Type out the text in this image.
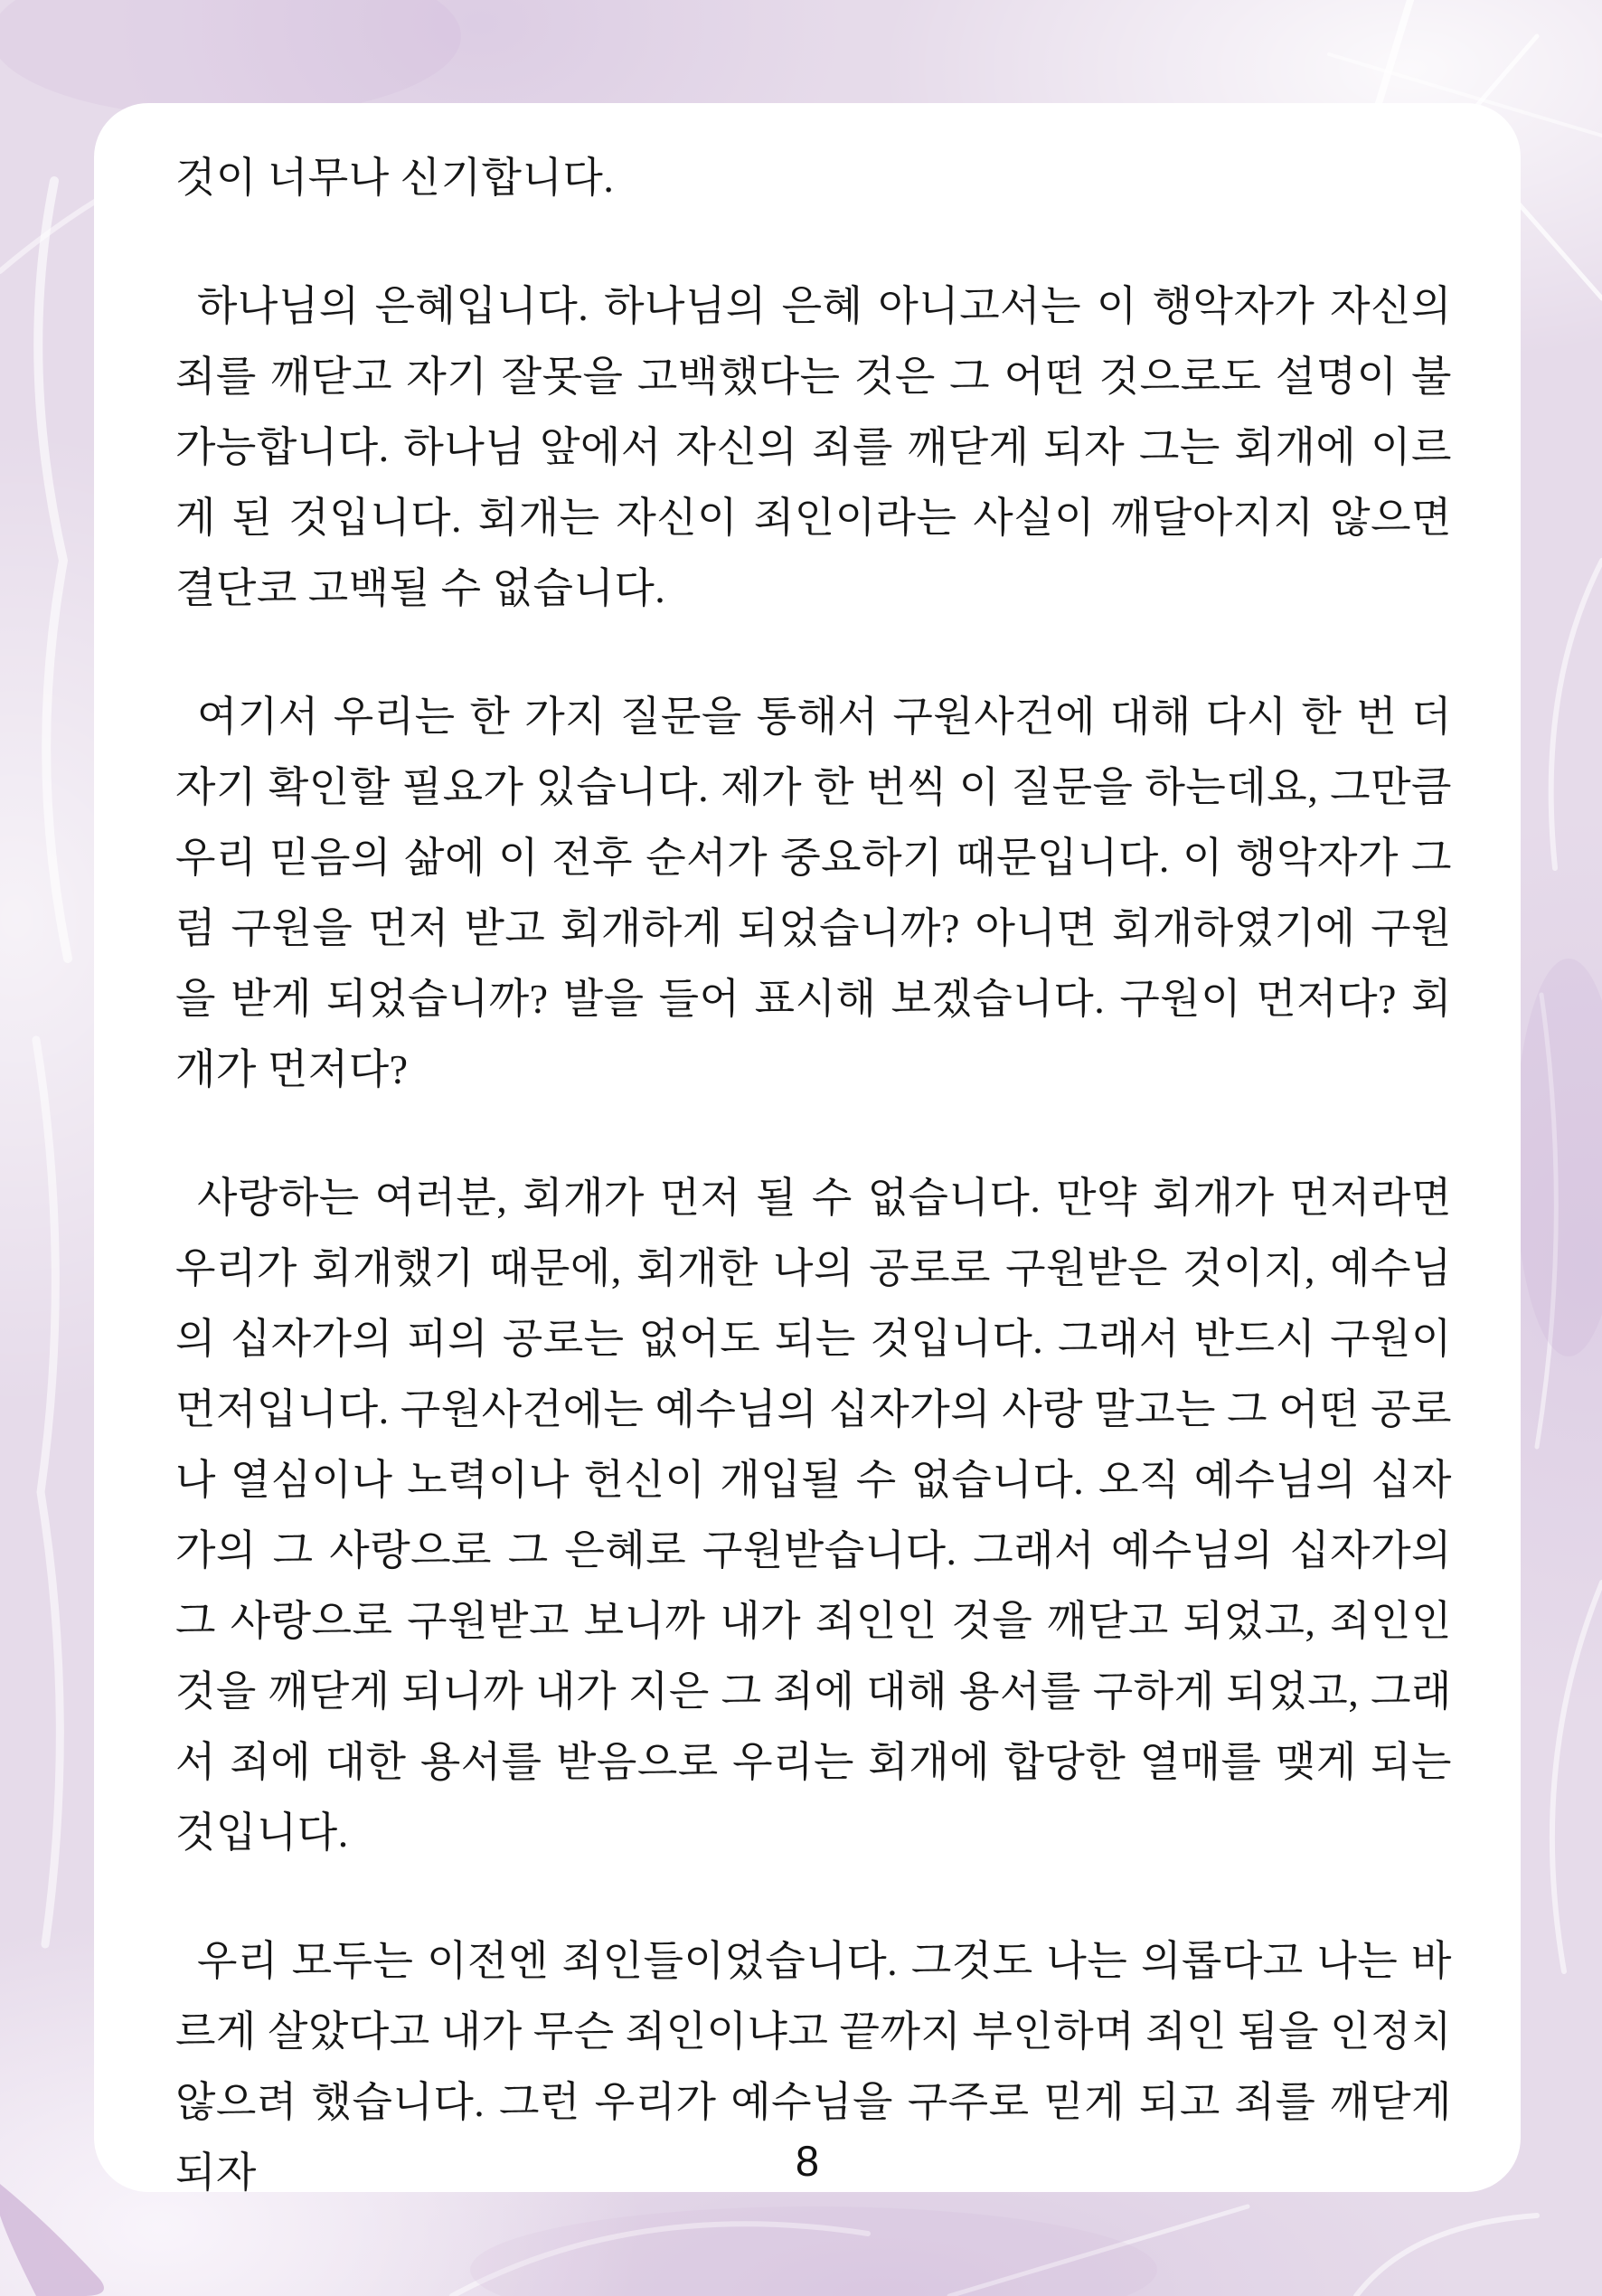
것이 너무나 신기합니다.

하나님의 은혜입니다. 하나님의 은혜 아니고서는 이 행악자가 자신의 죄를 깨닫고 자기 잘못을 고백했다는 것은 그 어떤 것으로도 설명이 불가능합니다. 하나님 앞에서 자신의 죄를 깨닫게 되자 그는 회개에 이르게 된 것입니다. 회개는 자신이 죄인이라는 사실이 깨달아지지 않으면 결단코 고백될 수 없습니다.

여기서 우리는 한 가지 질문을 통해서 구원사건에 대해 다시 한 번 더 자기 확인할 필요가 있습니다. 제가 한 번씩 이 질문을 하는데요, 그만큼 우리 믿음의 삶에 이 전후 순서가 중요하기 때문입니다. 이 행악자가 그럼 구원을 먼저 받고 회개하게 되었습니까? 아니면 회개하였기에 구원을 받게 되었습니까? 발을 들어 표시해 보겠습니다. 구원이 먼저다? 회개가 먼저다?

사랑하는 여러분, 회개가 먼저 될 수 없습니다. 만약 회개가 먼저라면 우리가 회개했기 때문에, 회개한 나의 공로로 구원받은 것이지, 예수님의 십자가의 피의 공로는 없어도 되는 것입니다. 그래서 반드시 구원이 먼저입니다. 구원사건에는 예수님의 십자가의 사랑 말고는 그 어떤 공로나 열심이나 노력이나 헌신이 개입될 수 없습니다. 오직 예수님의 십자가의 그 사랑으로 그 은혜로 구원받습니다. 그래서 예수님의 십자가의 그 사랑으로 구원받고 보니까 내가 죄인인 것을 깨닫고 되었고, 죄인인 것을 깨닫게 되니까 내가 지은 그 죄에 대해 용서를 구하게 되었고, 그래서 죄에 대한 용서를 받음으로 우리는 회개에 합당한 열매를 맺게 되는 것입니다.

우리 모두는 이전엔 죄인들이었습니다. 그것도 나는 의롭다고 나는 바르게 살았다고 내가 무슨 죄인이냐고 끝까지 부인하며 죄인 됨을 인정치 않으려 했습니다. 그런 우리가 예수님을 구주로 믿게 되고 죄를 깨닫게 되자	8
